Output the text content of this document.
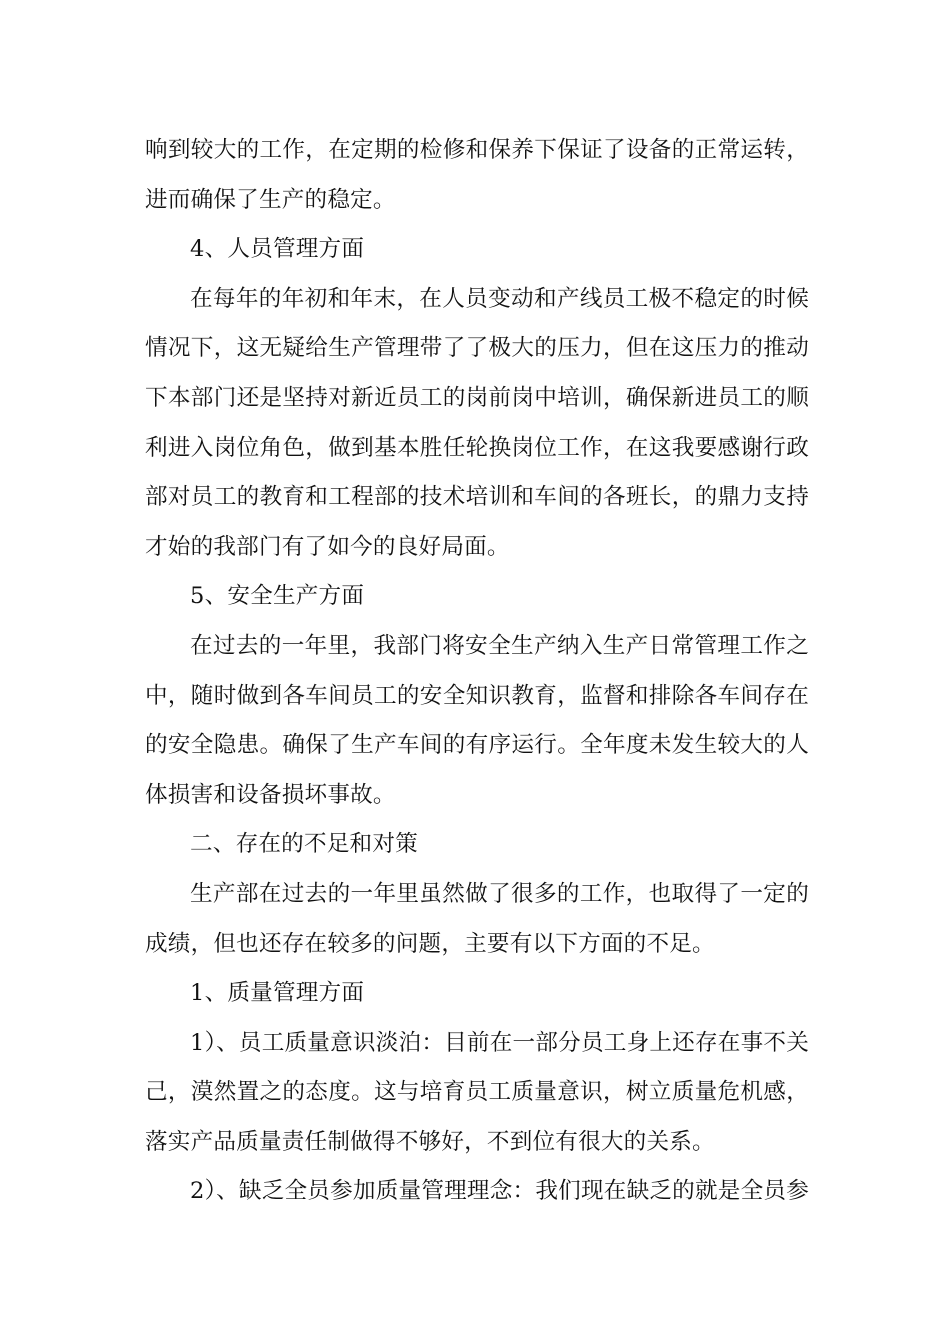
响到较大的工作，在定期的检修和保养下保证了设备的正常运转，
进而确保了生产的稳定。
4、人员管理方面
在每年的年初和年末，在人员变动和产线员工极不稳定的时候
情况下，这无疑给生产管理带了了极大的压力，但在这压力的推动
下本部门还是坚持对新近员工的岗前岗中培训，确保新进员工的顺
利进入岗位角色，做到基本胜任轮换岗位工作，在这我要感谢行政
部对员工的教育和工程部的技术培训和车间的各班长，的鼎力支持
才始的我部门有了如今的良好局面。
5、安全生产方面
在过去的一年里，我部门将安全生产纳入生产日常管理工作之
中，随时做到各车间员工的安全知识教育，监督和排除各车间存在
的安全隐患。确保了生产车间的有序运行。全年度未发生较大的人
体损害和设备损坏事故。
二、存在的不足和对策
生产部在过去的一年里虽然做了很多的工作，也取得了一定的
成绩，但也还存在较多的问题，主要有以下方面的不足。
1、质量管理方面
1）、员工质量意识淡泊：目前在一部分员工身上还存在事不关
己，漠然置之的态度。这与培育员工质量意识，树立质量危机感，
落实产品质量责任制做得不够好，不到位有很大的关系。
2）、缺乏全员参加质量管理理念：我们现在缺乏的就是全员参
